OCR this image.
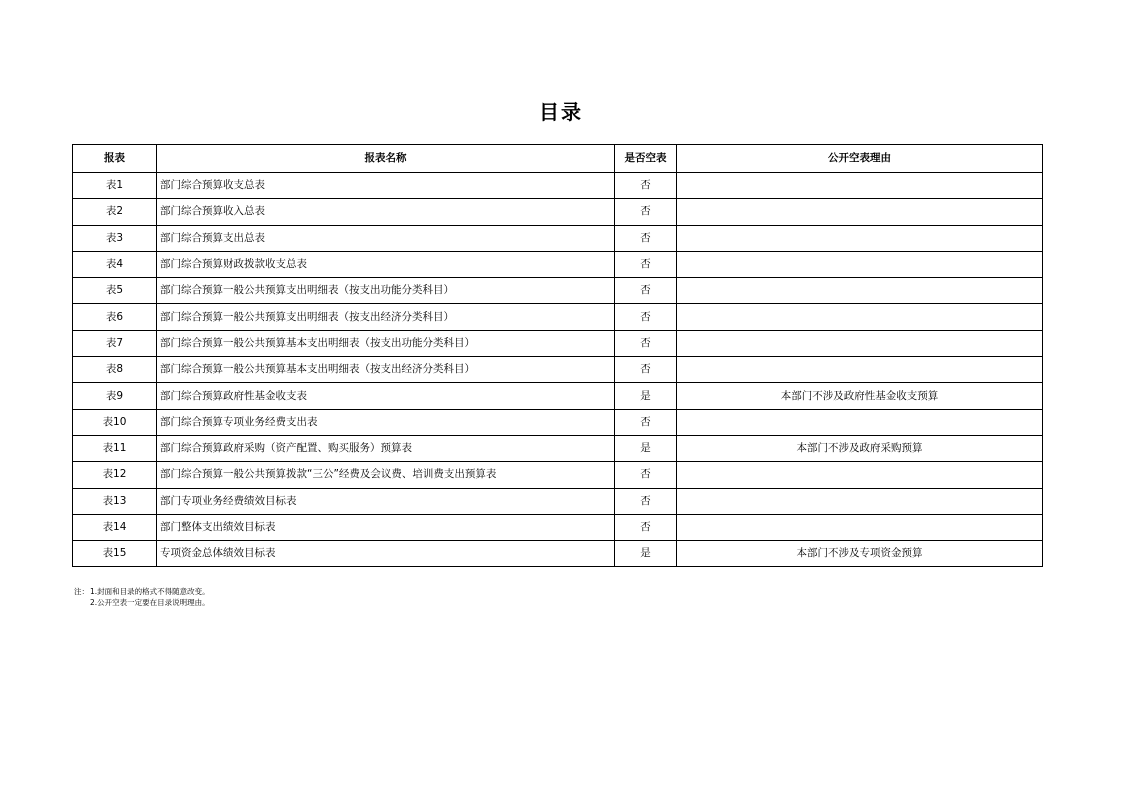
目录
报表	报表名称	是否空表	公开空表理由
表1	部门综合预算收支总表	否	
表2	部门综合预算收入总表	否	
表3	部门综合预算支出总表	否	
表4	部门综合预算财政拨款收支总表	否	
表5	部门综合预算一般公共预算支出明细表（按支出功能分类科目）	否	
表6	部门综合预算一般公共预算支出明细表（按支出经济分类科目）	否	
表7	部门综合预算一般公共预算基本支出明细表（按支出功能分类科目）	否	
表8	部门综合预算一般公共预算基本支出明细表（按支出经济分类科目）	否	
表9	部门综合预算政府性基金收支表	是	本部门不涉及政府性基金收支预算
表10	部门综合预算专项业务经费支出表	否	
表11	部门综合预算政府采购（资产配置、购买服务）预算表	是	本部门不涉及政府采购预算
表12	部门综合预算一般公共预算拨款“三公”经费及会议费、培训费支出预算表	否	
表13	部门专项业务经费绩效目标表	否	
表14	部门整体支出绩效目标表	否	
表15	专项资金总体绩效目标表	是	本部门不涉及专项资金预算
注：1.封面和目录的格式不得随意改变。
2.公开空表一定要在目录说明理由。
